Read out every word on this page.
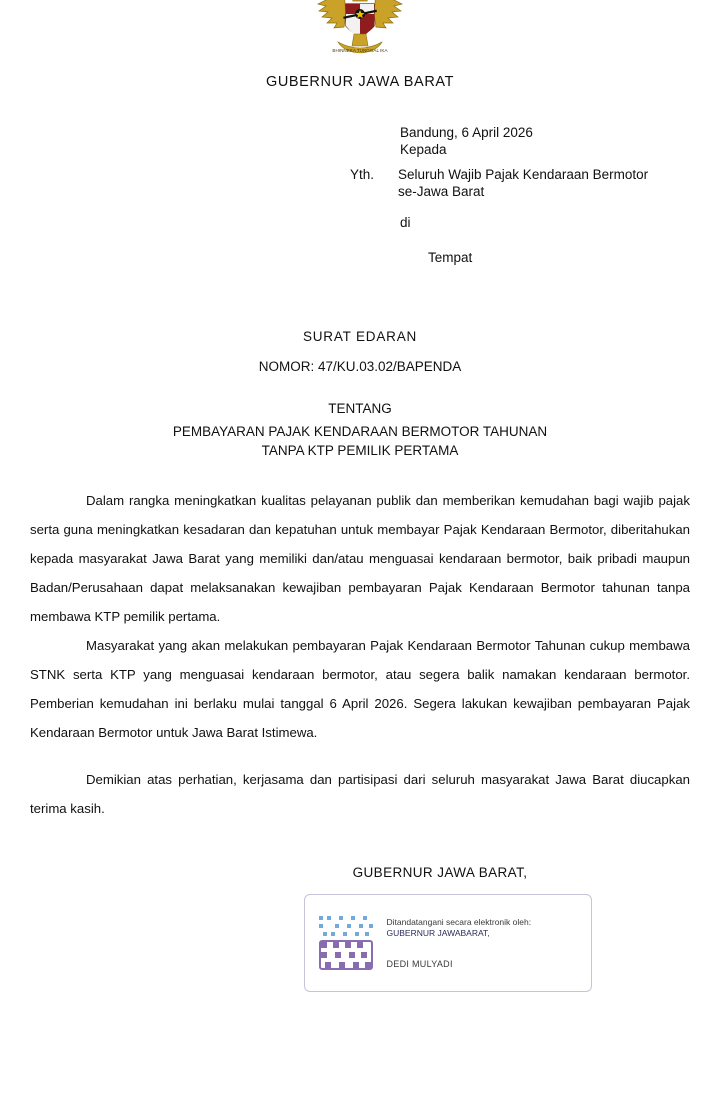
BHINNEKA TUNGGAL IKA
GUBERNUR JAWA BARAT
Bandung, 6 April 2026
Kepada
Yth.	Seluruh Wajib Pajak Kendaraan Bermotor se-Jawa Barat
di
Tempat
SURAT EDARAN
NOMOR: 47/KU.03.02/BAPENDA
TENTANG
PEMBAYARAN PAJAK KENDARAAN BERMOTOR TAHUNAN
TANPA KTP PEMILIK PERTAMA

Dalam rangka meningkatkan kualitas pelayanan publik dan memberikan kemudahan bagi wajib pajak serta guna meningkatkan kesadaran dan kepatuhan untuk membayar Pajak Kendaraan Bermotor, diberitahukan kepada masyarakat Jawa Barat yang memiliki dan/atau menguasai kendaraan bermotor, baik pribadi maupun Badan/Perusahaan dapat melaksanakan kewajiban pembayaran Pajak Kendaraan Bermotor tahunan tanpa membawa KTP pemilik pertama.

Masyarakat yang akan melakukan pembayaran Pajak Kendaraan Bermotor Tahunan cukup membawa STNK serta KTP yang menguasai kendaraan bermotor, atau segera balik namakan kendaraan bermotor. Pemberian kemudahan ini berlaku mulai tanggal 6 April 2026. Segera lakukan kewajiban pembayaran Pajak Kendaraan Bermotor untuk Jawa Barat Istimewa.

Demikian atas perhatian, kerjasama dan partisipasi dari seluruh masyarakat Jawa Barat diucapkan terima kasih.

GUBERNUR JAWA BARAT,
Ditandatangani secara elektronik oleh:
GUBERNUR JAWABARAT,
DEDI MULYADI
